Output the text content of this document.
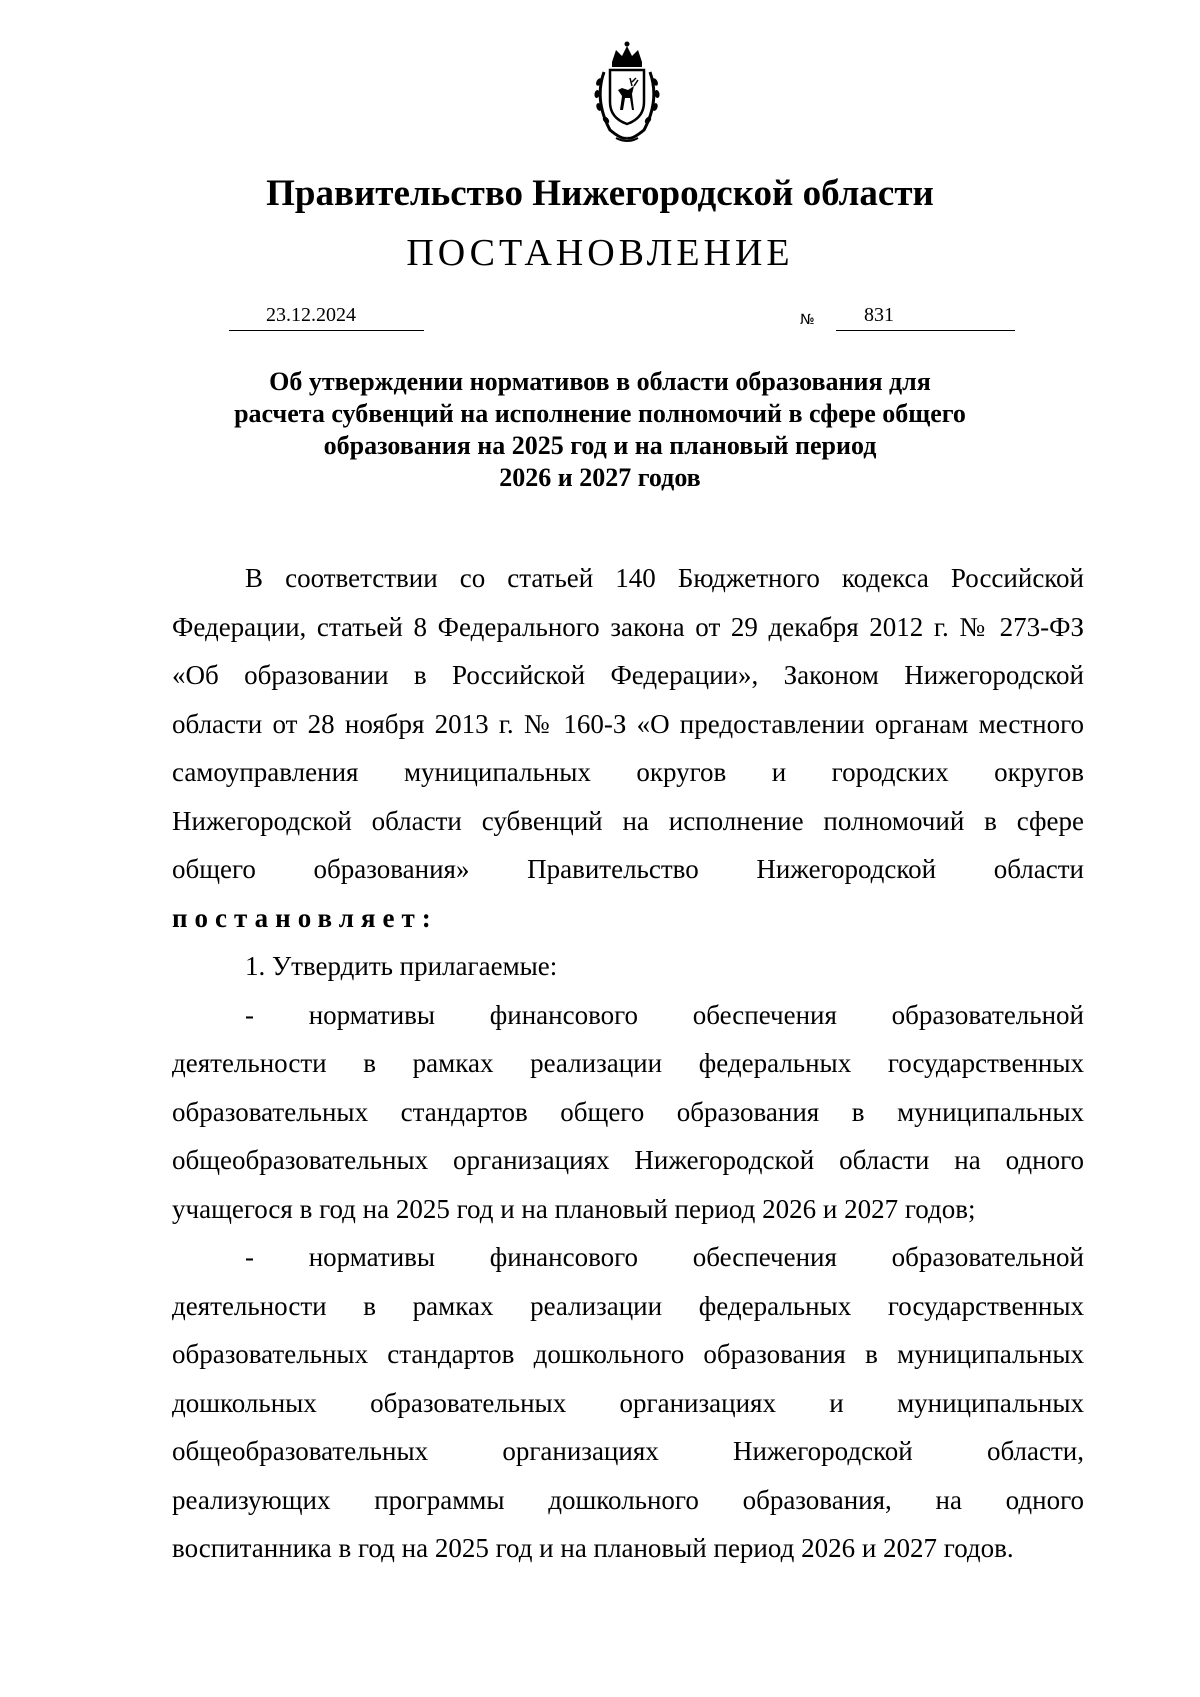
Правительство Нижегородской области
ПОСТАНОВЛЕНИЕ
23.12.2024	№ 831
Об утверждении нормативов в области образования для
расчета субвенций на исполнение полномочий в сфере общего
образования на 2025 год и на плановый период
2026 и 2027 годов
В соответствии со статьей 140 Бюджетного кодекса Российской
Федерации, статьей 8 Федерального закона от 29 декабря 2012 г. № 273-ФЗ
«Об образовании в Российской Федерации», Законом Нижегородской
области от 28 ноября 2013 г. № 160-З «О предоставлении органам местного
самоуправления муниципальных округов и городских округов
Нижегородской области субвенций на исполнение полномочий в сфере
общего образования» Правительство Нижегородской области
постановляет:
1. Утвердить прилагаемые:
- нормативы финансового обеспечения образовательной
деятельности в рамках реализации федеральных государственных
образовательных стандартов общего образования в муниципальных
общеобразовательных организациях Нижегородской области на одного
учащегося в год на 2025 год и на плановый период 2026 и 2027 годов;
- нормативы финансового обеспечения образовательной
деятельности в рамках реализации федеральных государственных
образовательных стандартов дошкольного образования в муниципальных
дошкольных образовательных организациях и муниципальных
общеобразовательных организациях Нижегородской области,
реализующих программы дошкольного образования, на одного
воспитанника в год на 2025 год и на плановый период 2026 и 2027 годов.
